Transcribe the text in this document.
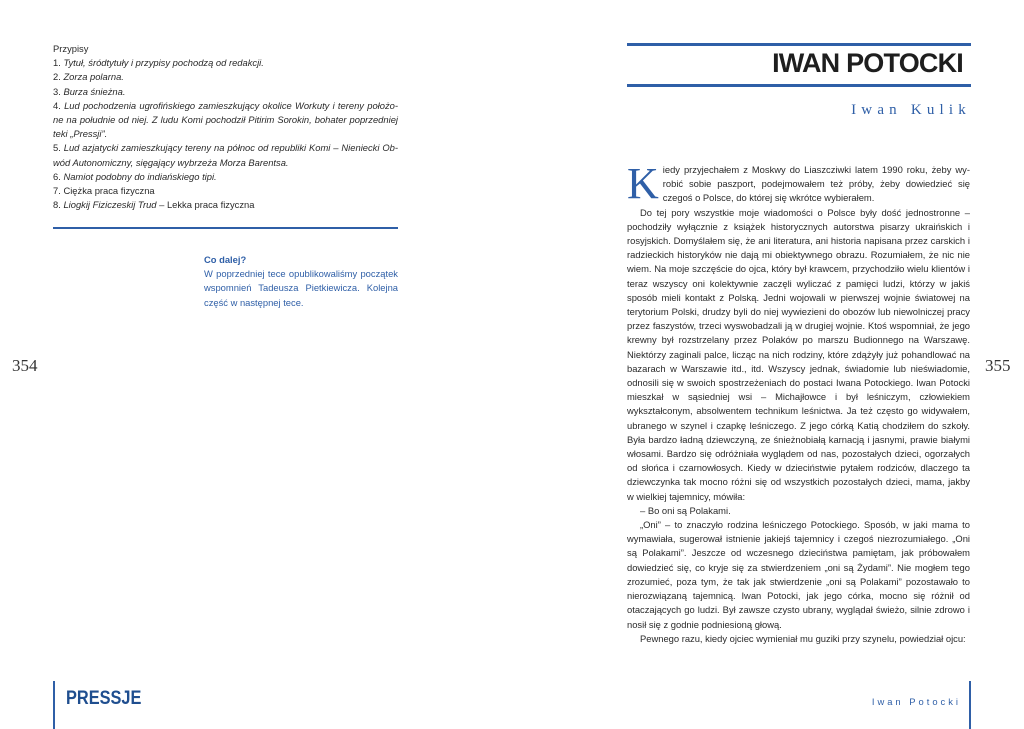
Przypisy
1. Tytuł, śródtytuły i przypisy pochodzą od redakcji.
2. Zorza polarna.
3. Burza śnieżna.
4. Lud pochodzenia ugrofińskiego zamieszkujący okolice Workuty i tereny położone na południe od niej. Z ludu Komi pochodził Pitirim Sorokin, bohater poprzedniej teki „Pressji”.
5. Lud azjatycki zamieszkujący tereny na północ od republiki Komi – Nieniecki Obwód Autonomiczny, sięgający wybrzeża Morza Barentsa.
6. Namiot podobny do indiańskiego tipi.
7. Ciężka praca fizyczna
8. Liogkij Fiziczeskij Trud – Lekka praca fizyczna
Co dalej?
W poprzedniej tece opublikowaliśmy początek wspomnień Tadeusza Pietkiewicza. Kolejna część w następnej tece.
354
PRESSJE
IWAN POTOCKI
Iwan Kulik

Kiedy przyjechałem z Moskwy do Liaszcziwki latem 1990 roku, żeby wyrobić sobie paszport, podejmowałem też próby, żeby dowiedzieć się czegoś o Polsce, do której się wkrótce wybierałem.

Do tej pory wszystkie moje wiadomości o Polsce były dość jednostronne – pochodziły wyłącznie z książek historycznych autorstwa pisarzy ukraińskich i rosyjskich. Domyślałem się, że ani literatura, ani historia napisana przez carskich i radzieckich historyków nie dają mi obiektywnego obrazu. Rozumiałem, że nic nie wiem. Na moje szczęście do ojca, który był krawcem, przychodziło wielu klientów i teraz wszyscy oni kolektywnie zaczęli wyliczać z pamięci ludzi, którzy w jakiś sposób mieli kontakt z Polską. Jedni wojowali w pierwszej wojnie światowej na terytorium Polski, drudzy byli do niej wywiezieni do obozów lub niewolniczej pracy przez faszystów, trzeci wyswobadzali ją w drugiej wojnie. Ktoś wspomniał, że jego krewny był rozstrzelany przez Polaków po marszu Budionnego na Warszawę. Niektórzy zaginali palce, licząc na nich rodziny, które zdążyły już pohandlować na bazarach w Warszawie itd., itd. Wszyscy jednak, świadomie lub nieświadomie, odnosili się w swoich spostrzeżeniach do postaci Iwana Potockiego. Iwan Potocki mieszkał w sąsiedniej wsi – Michajłowce i był leśniczym, człowiekiem wykształconym, absolwentem technikum leśnictwa. Ja też często go widywałem, ubranego w szynel i czapkę leśniczego. Z jego córką Katią chodziłem do szkoły. Była bardzo ładną dziewczyną, ze śnieżnobiałą karnacją i jasnymi, prawie białymi włosami. Bardzo się odróżniała wyglądem od nas, pozostałych dzieci, ogorzałych od słońca i czarnowłosych. Kiedy w dzieciństwie pytałem rodziców, dlaczego ta dziewczynka tak mocno różni się od wszystkich pozostałych dzieci, mama, jakby w wielkiej tajemnicy, mówiła:

– Bo oni są Polakami.

„Oni” – to znaczyło rodzina leśniczego Potockiego. Sposób, w jaki mama to wymawiała, sugerował istnienie jakiejś tajemnicy i czegoś niezrozumiałego. „Oni są Polakami”. Jeszcze od wczesnego dzieciństwa pamiętam, jak próbowałem dowiedzieć się, co kryje się za stwierdzeniem „oni są Żydami”. Nie mogłem tego zrozumieć, poza tym, że tak jak stwierdzenie „oni są Polakami” pozostawało to nierozwiązaną tajemnicą. Iwan Potocki, jak jego córka, mocno się różnił od otaczających go ludzi. Był zawsze czysto ubrany, wyglądał świeżo, silnie zdrowo i nosił się z godnie podniesioną głową.

Pewnego razu, kiedy ojciec wymieniał mu guziki przy szynelu, powiedział ojcu:

355
Iwan Potocki
